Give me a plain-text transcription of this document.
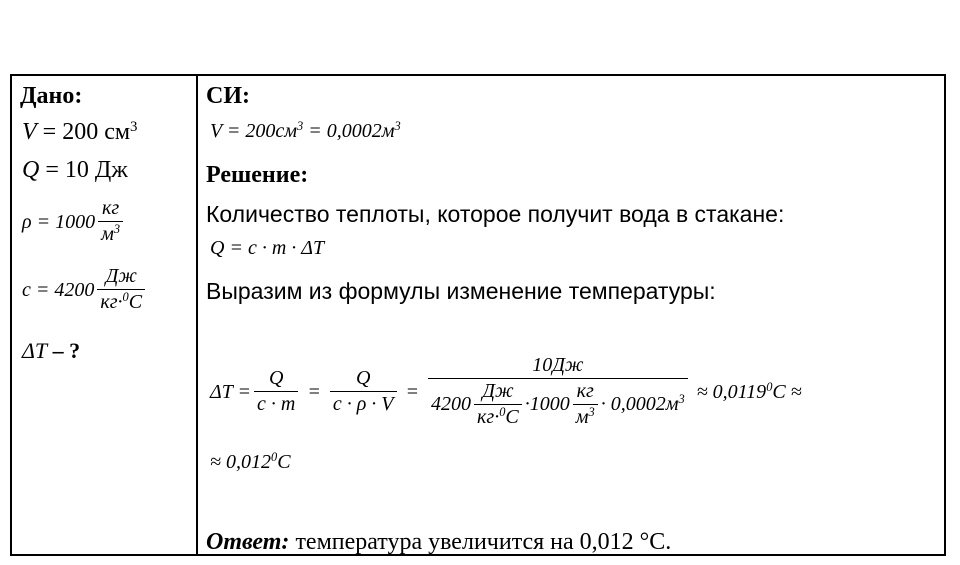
Дано:
V = 200 $см^3$
Q = 10 Дж
$\rho = 1000 \frac{кг}{м^3}$
$c = 4200 \frac{Дж}{кг\cdot^0C}$
ΔT – ?
СИ:
$V = 200см^3 = 0,0002м^3$
Решение:
Количество теплоты, которое получит вода в стакане:
Q = c · m · ΔT
Выразим из формулы изменение температуры:
$\Delta T = \frac{Q}{c \cdot m} = \frac{Q}{c \cdot \rho \cdot V}$ =
10Дж
$4200 \frac{Дж}{кг\cdot^0C} \cdot 1000 \frac{кг}{м^3} \cdot 0,0002м^3 \approx 0,0119^0C$ ≈
≈ $0,012^0C$
Ответ: температура увеличится на 0,012 °С.
